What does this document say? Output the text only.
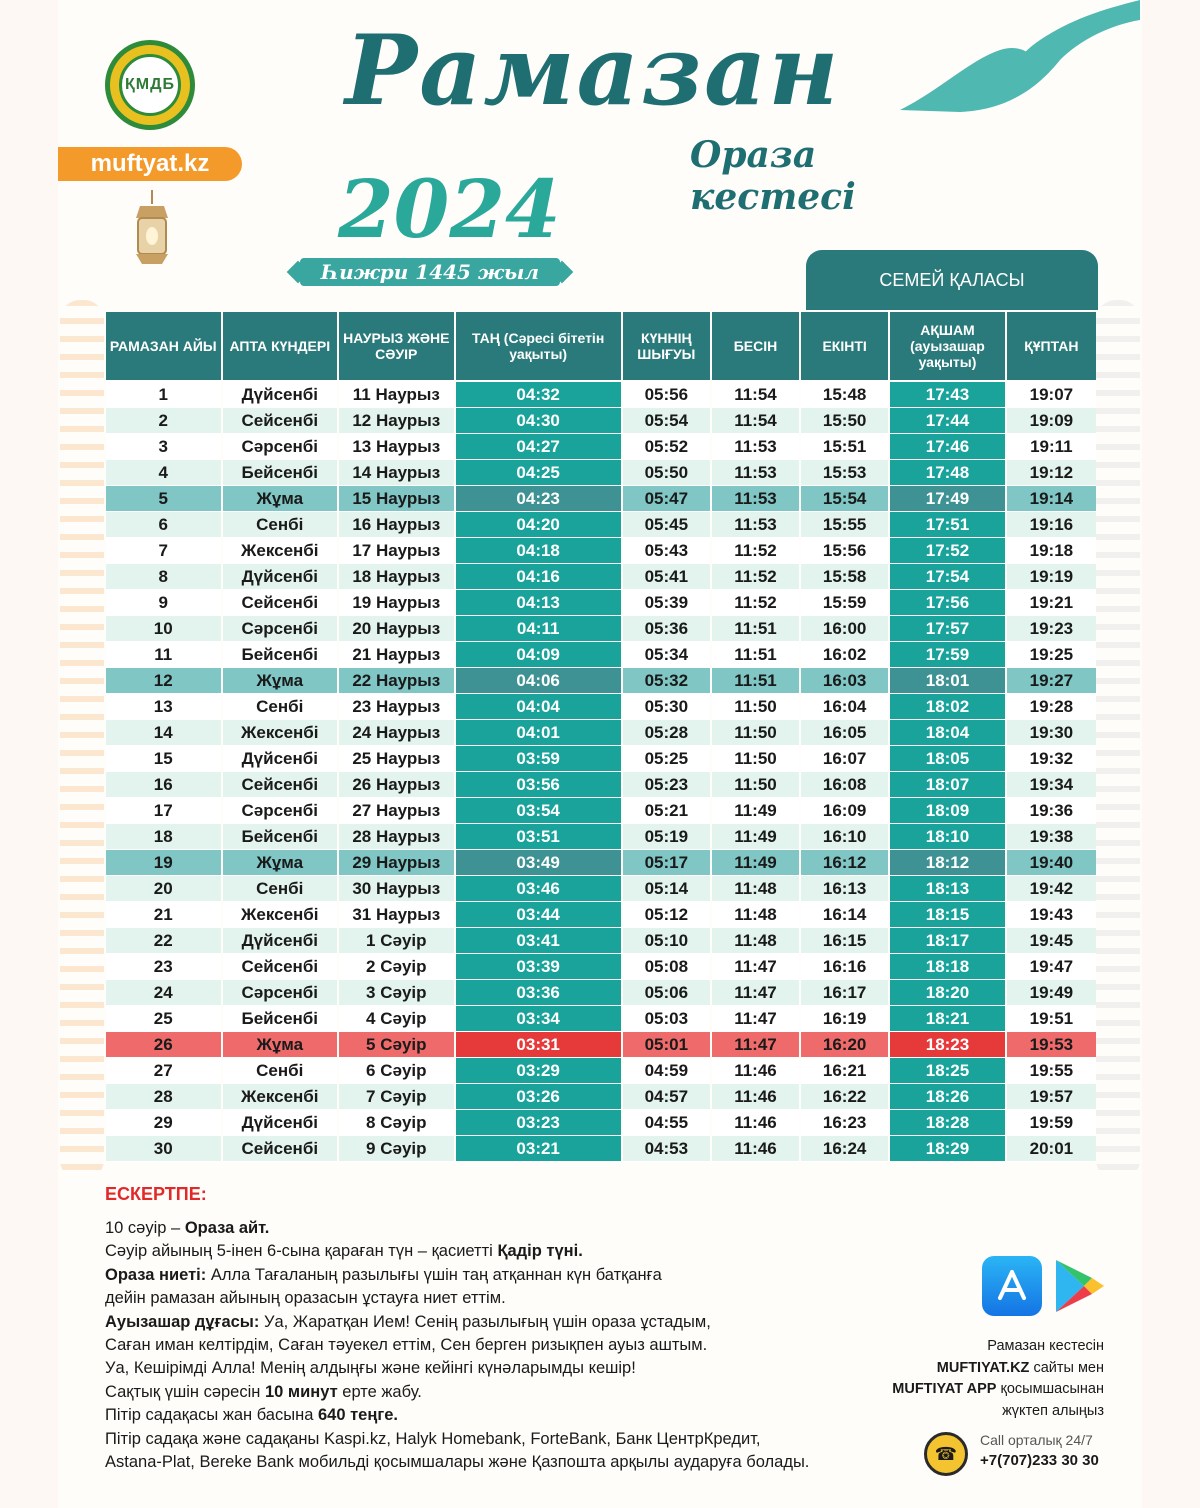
ҚМДБ
muftyat.kz
Рамазан
Ораза кестесі
2024
Һижри 1445 жыл	СЕМЕЙ ҚАЛАСЫ
РАМАЗАН АЙЫ	АПТА КҮНДЕРІ	НАУРЫЗ ЖӘНЕ СӘУІР	ТАҢ (Сәресі бітетін уақыты)	КҮННІҢ ШЫҒУЫ	БЕСІН	ЕКІНТІ	АҚШАМ (ауызашар уақыты)	ҚҰПТАН
1	Дүйсенбі	11 Наурыз	04:32	05:56	11:54	15:48	17:43	19:07
2	Сейсенбі	12 Наурыз	04:30	05:54	11:54	15:50	17:44	19:09
3	Сәрсенбі	13 Наурыз	04:27	05:52	11:53	15:51	17:46	19:11
4	Бейсенбі	14 Наурыз	04:25	05:50	11:53	15:53	17:48	19:12
5	Жұма	15 Наурыз	04:23	05:47	11:53	15:54	17:49	19:14
6	Сенбі	16 Наурыз	04:20	05:45	11:53	15:55	17:51	19:16
7	Жексенбі	17 Наурыз	04:18	05:43	11:52	15:56	17:52	19:18
8	Дүйсенбі	18 Наурыз	04:16	05:41	11:52	15:58	17:54	19:19
9	Сейсенбі	19 Наурыз	04:13	05:39	11:52	15:59	17:56	19:21
10	Сәрсенбі	20 Наурыз	04:11	05:36	11:51	16:00	17:57	19:23
11	Бейсенбі	21 Наурыз	04:09	05:34	11:51	16:02	17:59	19:25
12	Жұма	22 Наурыз	04:06	05:32	11:51	16:03	18:01	19:27
13	Сенбі	23 Наурыз	04:04	05:30	11:50	16:04	18:02	19:28
14	Жексенбі	24 Наурыз	04:01	05:28	11:50	16:05	18:04	19:30
15	Дүйсенбі	25 Наурыз	03:59	05:25	11:50	16:07	18:05	19:32
16	Сейсенбі	26 Наурыз	03:56	05:23	11:50	16:08	18:07	19:34
17	Сәрсенбі	27 Наурыз	03:54	05:21	11:49	16:09	18:09	19:36
18	Бейсенбі	28 Наурыз	03:51	05:19	11:49	16:10	18:10	19:38
19	Жұма	29 Наурыз	03:49	05:17	11:49	16:12	18:12	19:40
20	Сенбі	30 Наурыз	03:46	05:14	11:48	16:13	18:13	19:42
21	Жексенбі	31 Наурыз	03:44	05:12	11:48	16:14	18:15	19:43
22	Дүйсенбі	1 Сәуір	03:41	05:10	11:48	16:15	18:17	19:45
23	Сейсенбі	2 Сәуір	03:39	05:08	11:47	16:16	18:18	19:47
24	Сәрсенбі	3 Сәуір	03:36	05:06	11:47	16:17	18:20	19:49
25	Бейсенбі	4 Сәуір	03:34	05:03	11:47	16:19	18:21	19:51
26	Жұма	5 Сәуір	03:31	05:01	11:47	16:20	18:23	19:53
27	Сенбі	6 Сәуір	03:29	04:59	11:46	16:21	18:25	19:55
28	Жексенбі	7 Сәуір	03:26	04:57	11:46	16:22	18:26	19:57
29	Дүйсенбі	8 Сәуір	03:23	04:55	11:46	16:23	18:28	19:59
30	Сейсенбі	9 Сәуір	03:21	04:53	11:46	16:24	18:29	20:01
ЕСКЕРТПЕ:
10 сәуір – Ораза айт.
Сәуір айының 5-інен 6-сына қараған түн – қасиетті Қадір түні.
Ораза ниеті: Алла Тағаланың разылығы үшін таң атқаннан күн батқанға
дейін рамазан айының оразасын ұстауға ниет еттім.
Ауызашар дұғасы: Уа, Жаратқан Ием! Сенің разылығың үшін ораза ұстадым,
Саған иман келтірдім, Саған тәуекел еттім, Сен берген ризықпен ауыз аштым.
Уа, Кешірімді Алла! Менің алдыңғы және кейінгі күнәларымды кешір!
Сақтық үшін сәресін 10 минут ерте жабу.
Пітір садақасы жан басына 640 теңге.
Пітір садақа және садақаны Kaspi.kz, Halyk Homebank, ForteBank, Банк ЦентрКредит,
Astana-Plat, Bereke Bank мобильді қосымшалары және Қазпошта арқылы аударуға болады.
Рамазан кестесін
MUFTIYAT.KZ сайты мен
MUFTIYAT APP қосымшасынан
жүктеп алыңыз
☎
Call орталық 24/7
+7(707)233 30 30
